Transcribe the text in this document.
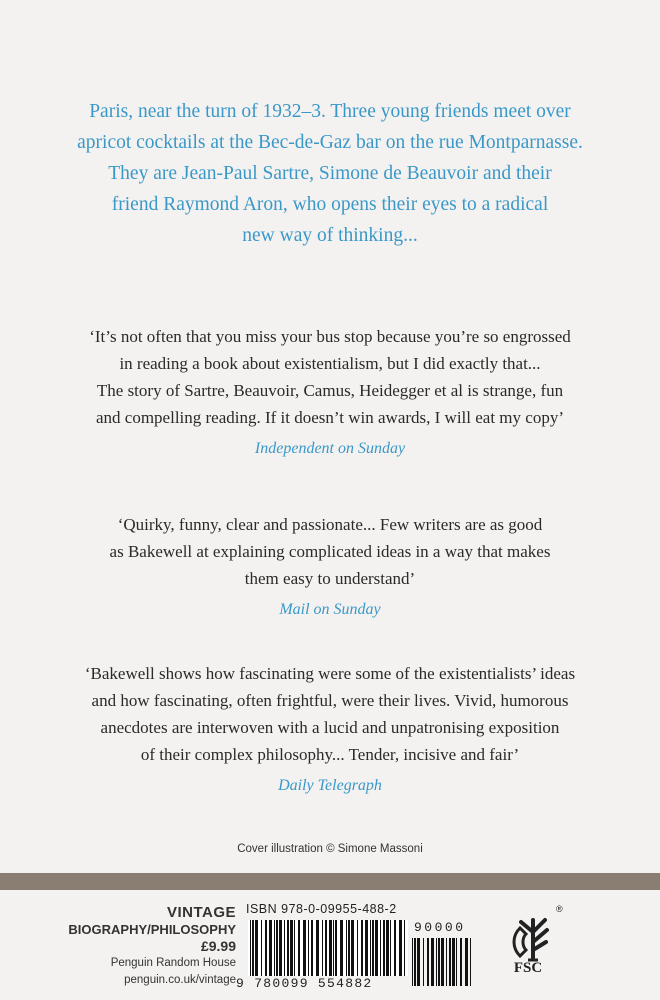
Paris, near the turn of 1932–3. Three young friends meet over
apricot cocktails at the Bec-de-Gaz bar on the rue Montparnasse.
They are Jean-Paul Sartre, Simone de Beauvoir and their
friend Raymond Aron, who opens their eyes to a radical
new way of thinking...
‘It’s not often that you miss your bus stop because you’re so engrossed
in reading a book about existentialism, but I did exactly that...
The story of Sartre, Beauvoir, Camus, Heidegger et al is strange, fun
and compelling reading. If it doesn’t win awards, I will eat my copy’
Independent on Sunday
‘Quirky, funny, clear and passionate... Few writers are as good
as Bakewell at explaining complicated ideas in a way that makes
them easy to understand’
Mail on Sunday
‘Bakewell shows how fascinating were some of the existentialists’ ideas
and how fascinating, often frightful, were their lives. Vivid, humorous
anecdotes are interwoven with a lucid and unpatronising exposition
of their complex philosophy... Tender, incisive and fair’
Daily Telegraph
Cover illustration © Simone Massoni
VINTAGE
BIOGRAPHY/PHILOSOPHY
£9.99
Penguin Random House
penguin.co.uk/vintage
ISBN 978-0-09955-488-2
9 780099 554882
90000
®
FSC
